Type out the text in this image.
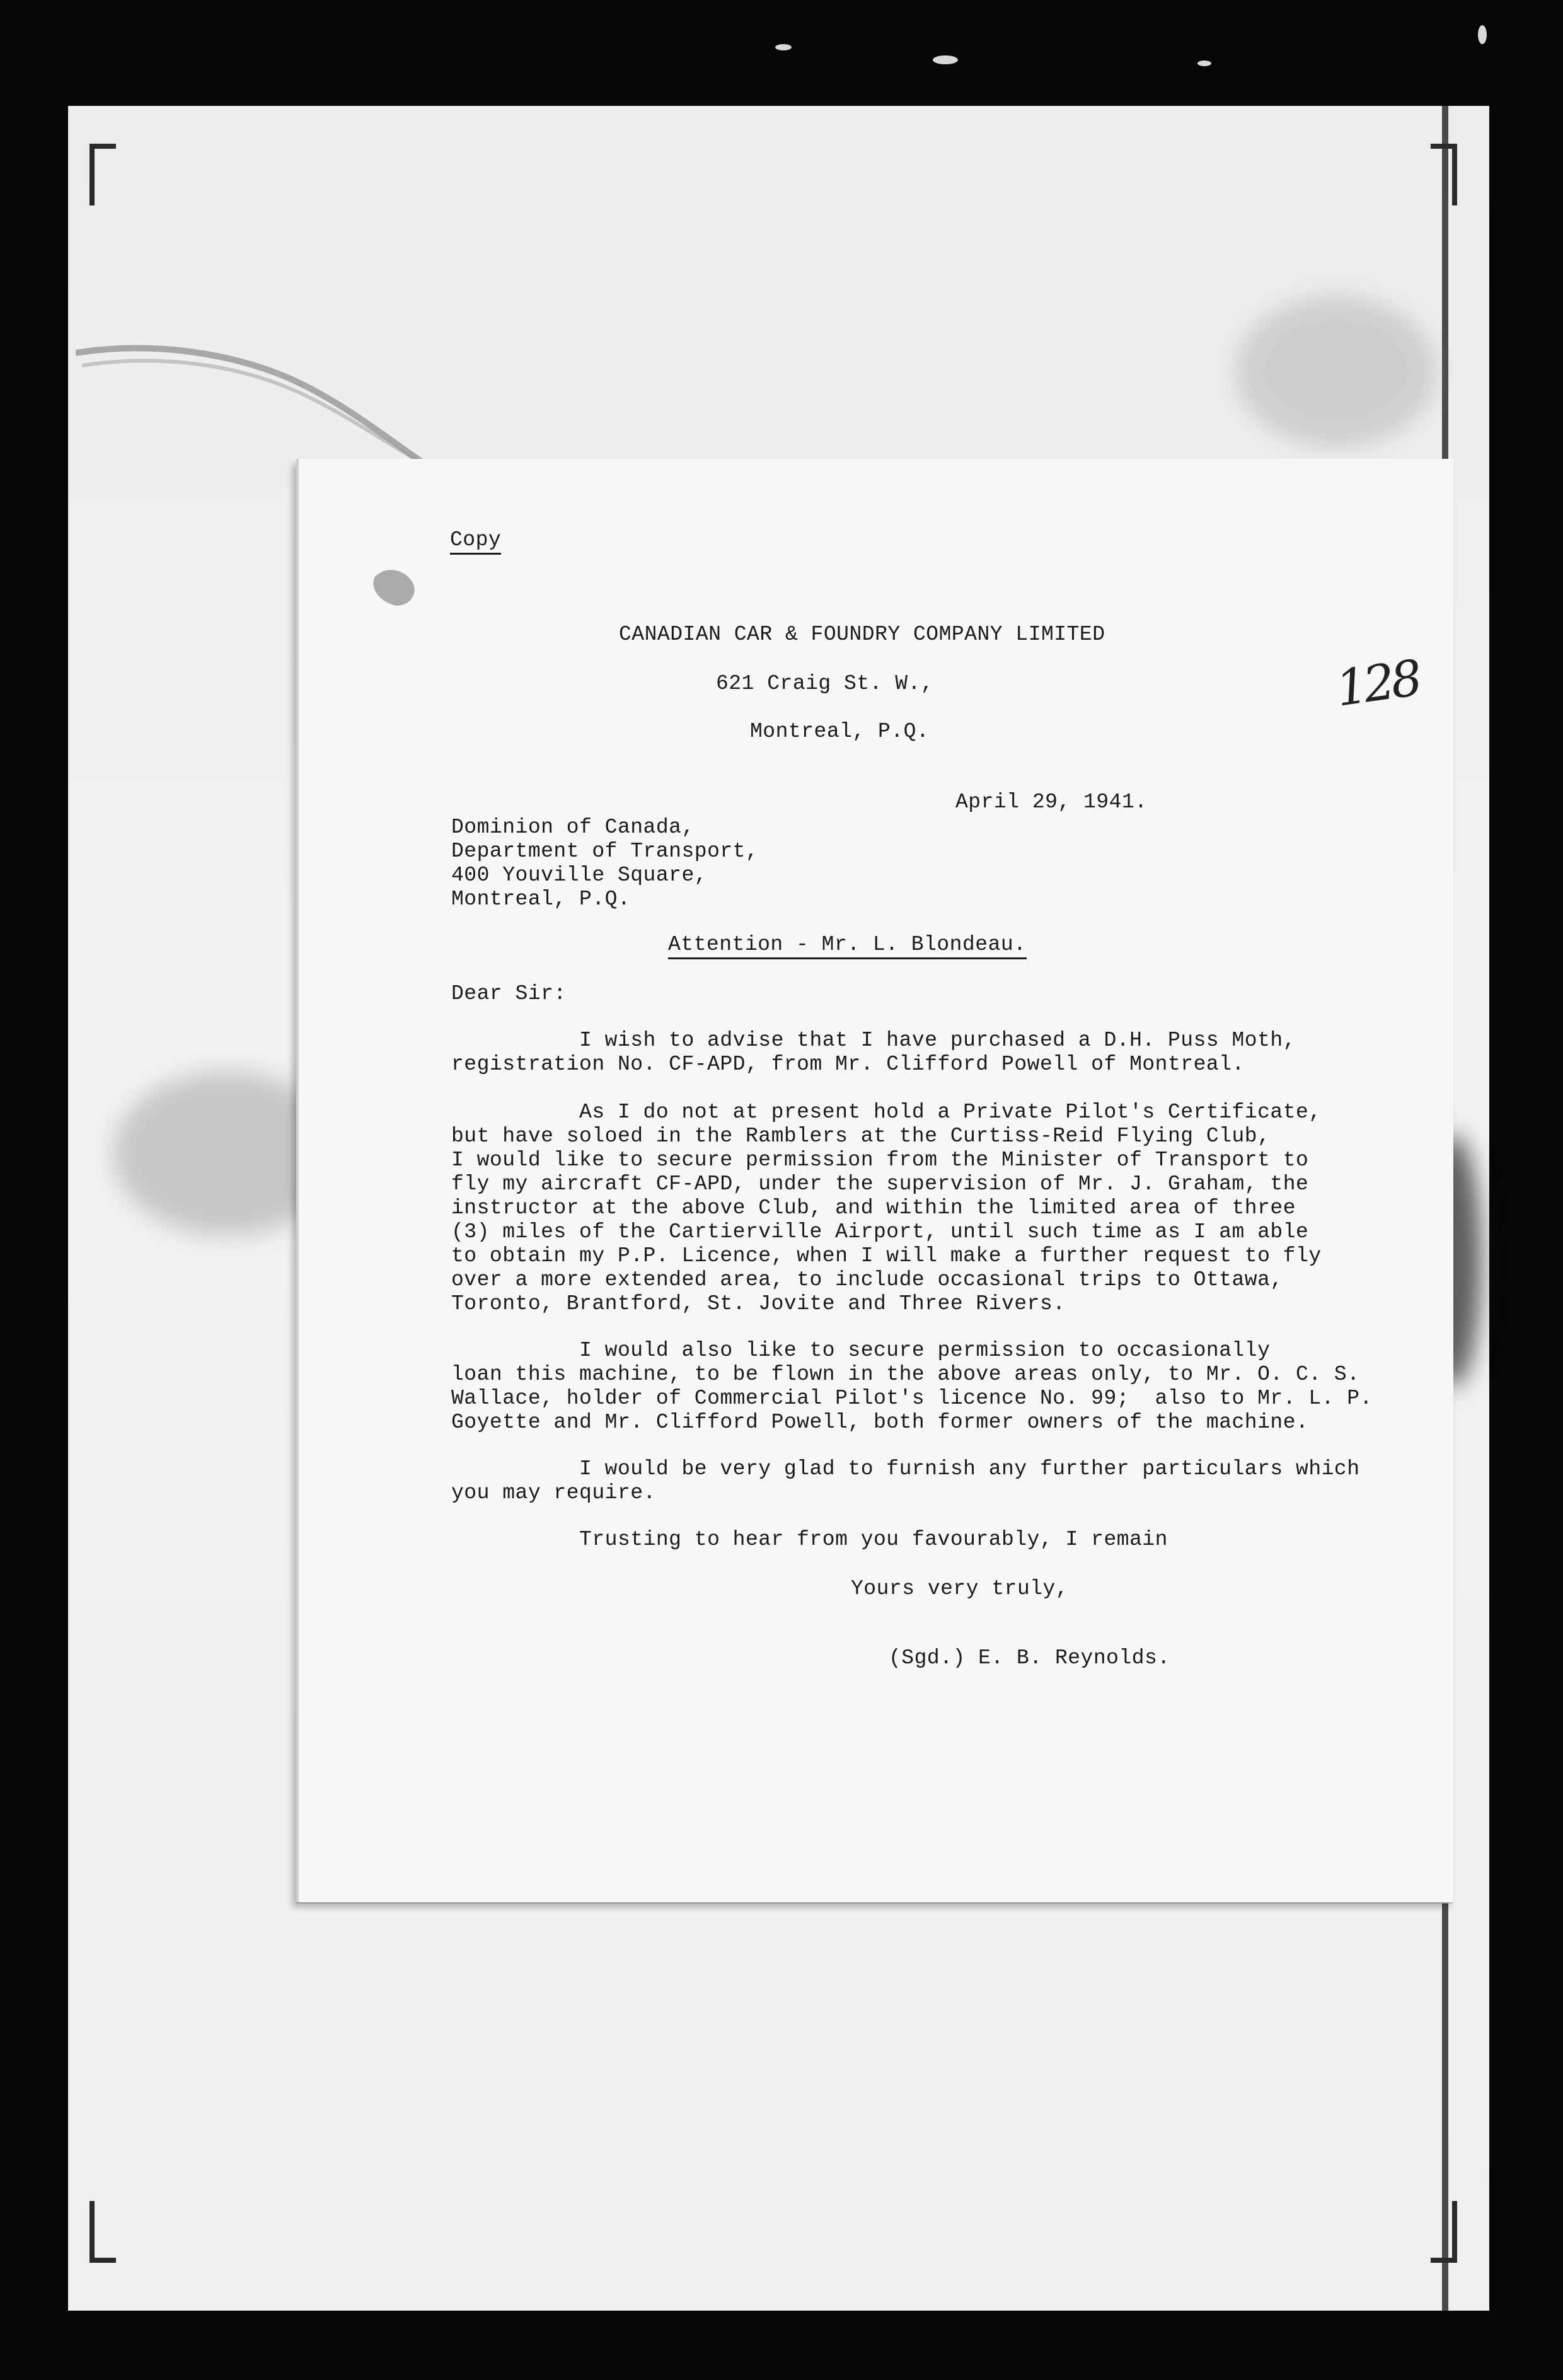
Copy
CANADIAN CAR & FOUNDRY COMPANY LIMITED
621 Craig St. W.,
Montreal, P.Q.
April 29, 1941.
Dominion of Canada,
Department of Transport,
400 Youville Square,
Montreal, P.Q.
Attention - Mr. L. Blondeau.
Dear Sir:
I wish to advise that I have purchased a D.H. Puss Moth,
registration No. CF-APD, from Mr. Clifford Powell of Montreal.
As I do not at present hold a Private Pilot's Certificate,
but have soloed in the Ramblers at the Curtiss-Reid Flying Club,
I would like to secure permission from the Minister of Transport to
fly my aircraft CF-APD, under the supervision of Mr. J. Graham, the
instructor at the above Club, and within the limited area of three
(3) miles of the Cartierville Airport, until such time as I am able
to obtain my P.P. Licence, when I will make a further request to fly
over a more extended area, to include occasional trips to Ottawa,
Toronto, Brantford, St. Jovite and Three Rivers.
I would also like to secure permission to occasionally
loan this machine, to be flown in the above areas only, to Mr. O. C. S.
Wallace, holder of Commercial Pilot's licence No. 99;  also to Mr. L. P.
Goyette and Mr. Clifford Powell, both former owners of the machine.
I would be very glad to furnish any further particulars which
you may require.
Trusting to hear from you favourably, I remain
Yours very truly,
(Sgd.) E. B. Reynolds.
128
